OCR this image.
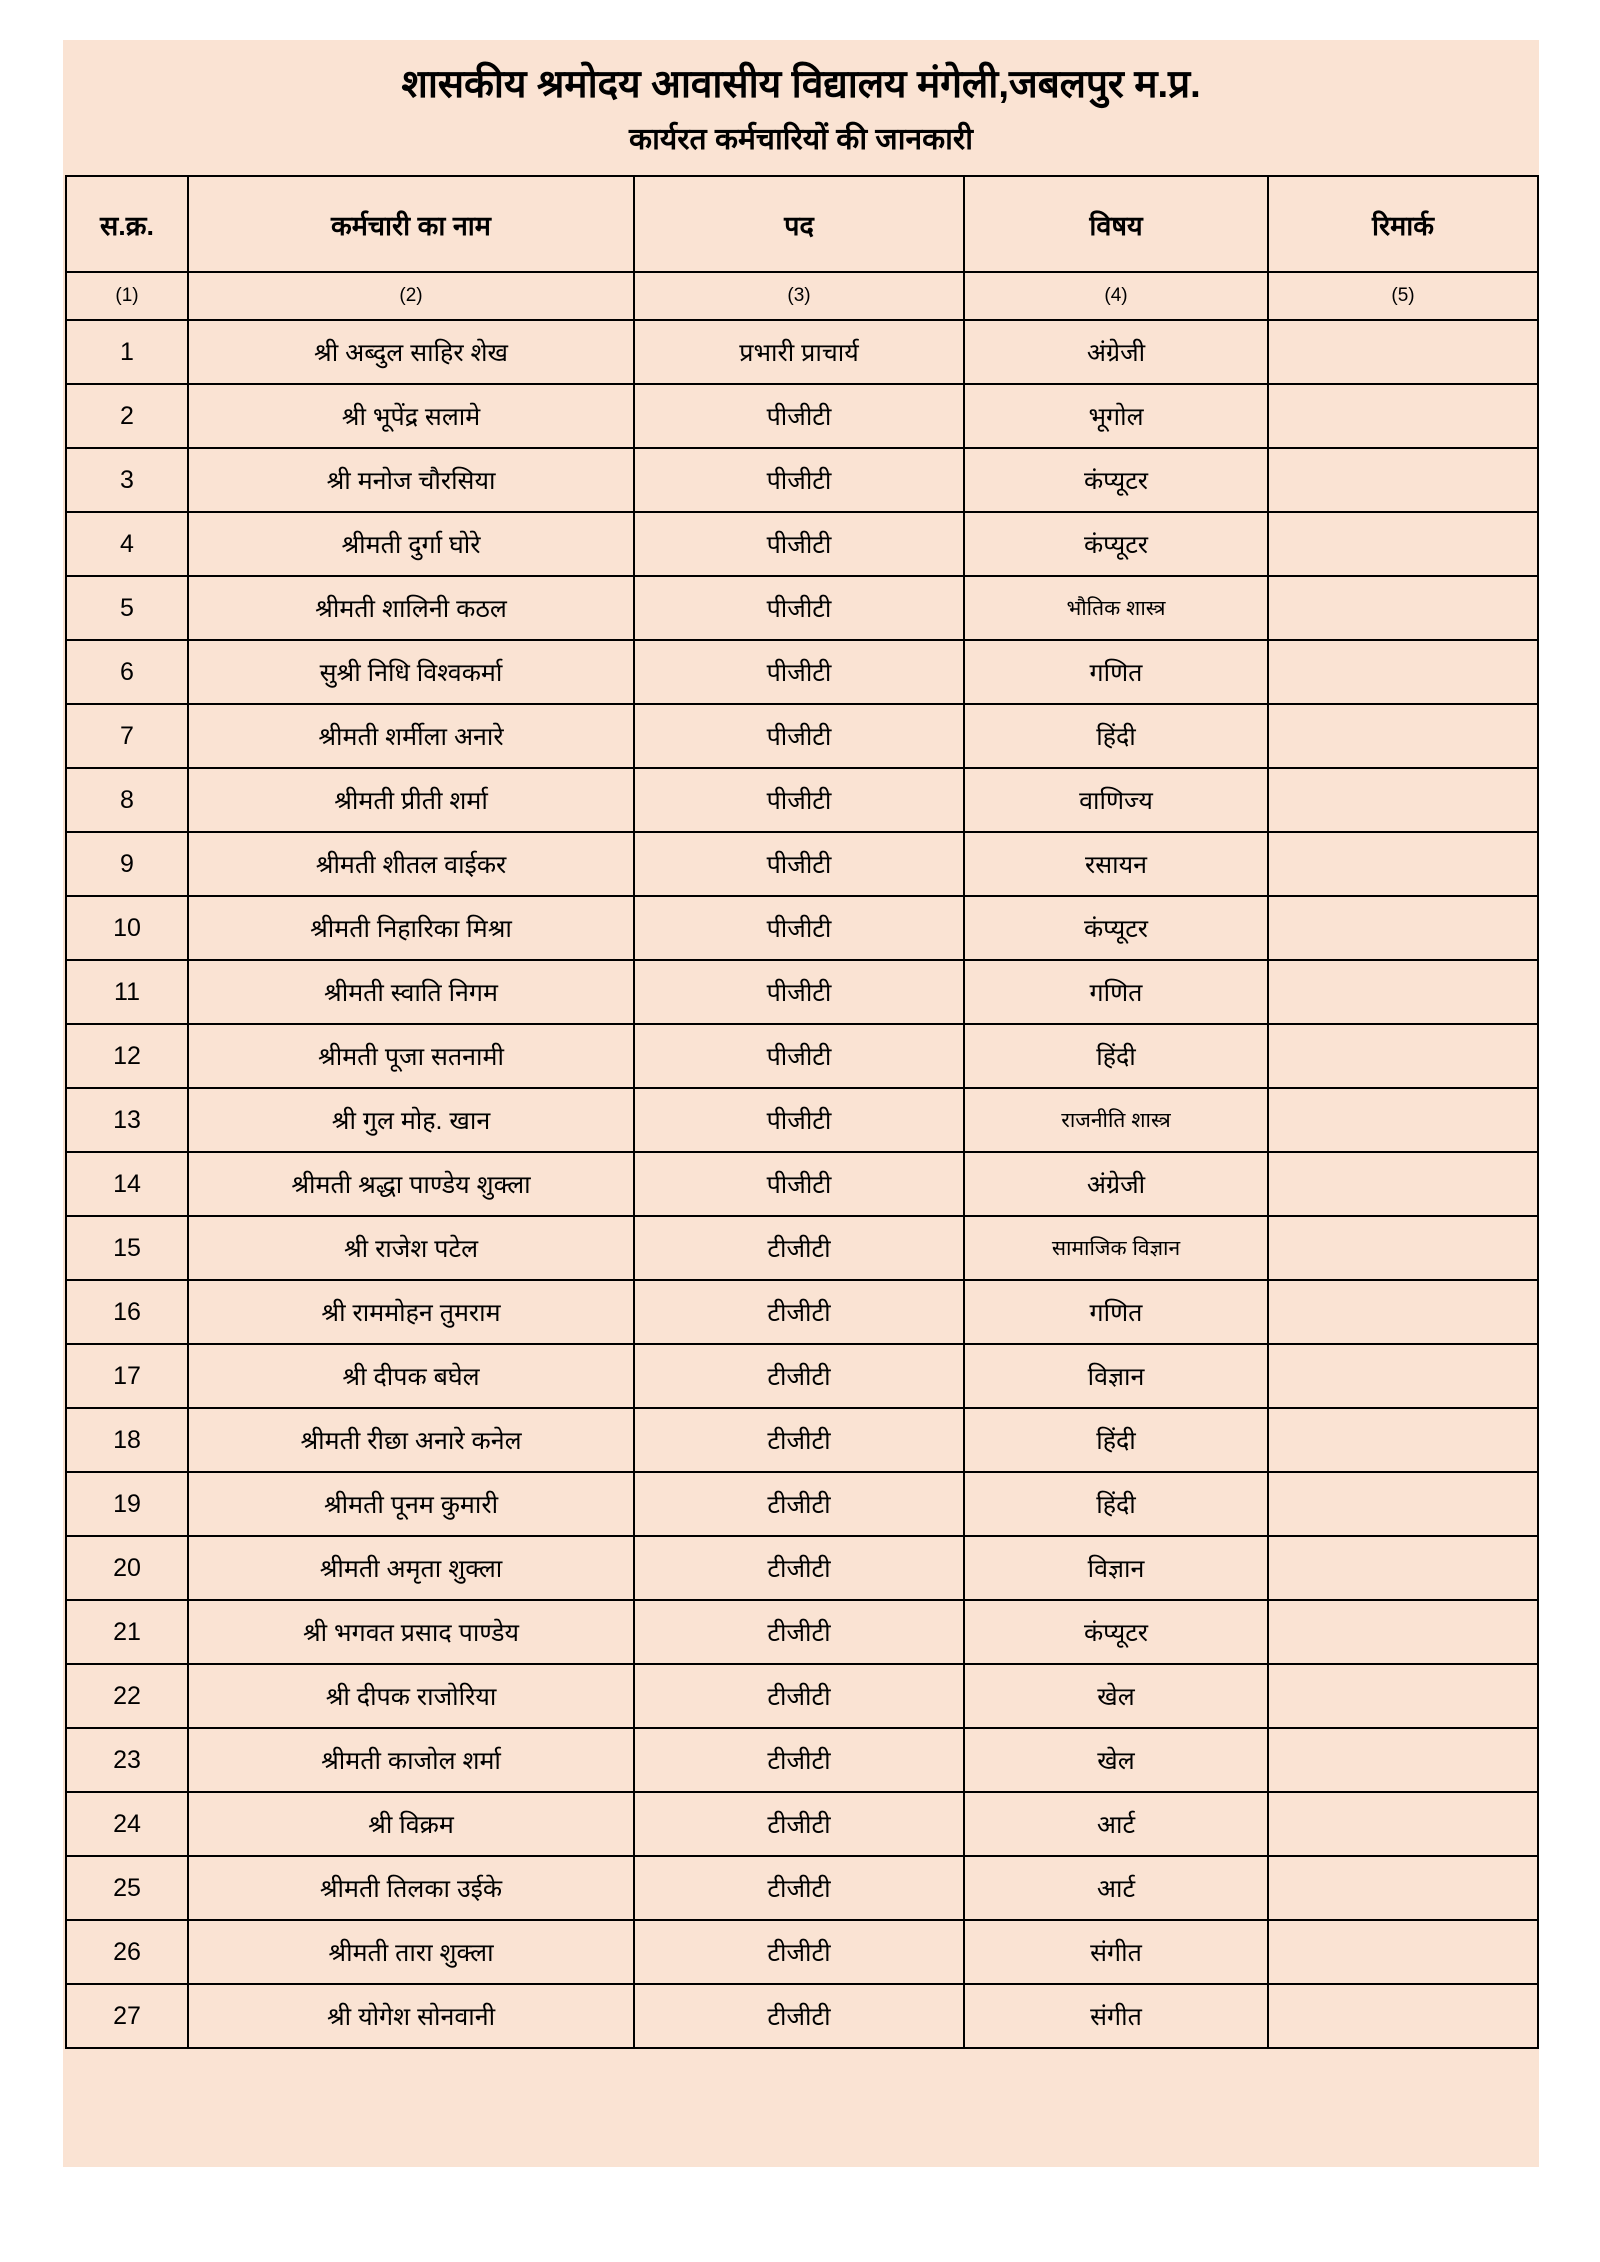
शासकीय श्रमोदय आवासीय विद्यालय मंगेली,जबलपुर म.प्र.
कार्यरत कर्मचारियों की जानकारी
स.क्र.	कर्मचारी का नाम	पद	विषय	रिमार्क
(1)	(2)	(3)	(4)	(5)
1	श्री अब्दुल साहिर शेख	प्रभारी प्राचार्य	अंग्रेजी	
2	श्री भूपेंद्र सलामे	पीजीटी	भूगोल	
3	श्री मनोज चौरसिया	पीजीटी	कंप्यूटर	
4	श्रीमती दुर्गा घोरे	पीजीटी	कंप्यूटर	
5	श्रीमती शालिनी कठल	पीजीटी	भौतिक शास्त्र	
6	सुश्री निधि विश्वकर्मा	पीजीटी	गणित	
7	श्रीमती शर्मीला अनारे	पीजीटी	हिंदी	
8	श्रीमती प्रीती शर्मा	पीजीटी	वाणिज्य	
9	श्रीमती शीतल वाईकर	पीजीटी	रसायन	
10	श्रीमती निहारिका मिश्रा	पीजीटी	कंप्यूटर	
11	श्रीमती स्वाति निगम	पीजीटी	गणित	
12	श्रीमती पूजा सतनामी	पीजीटी	हिंदी	
13	श्री गुल मोह. खान	पीजीटी	राजनीति शास्त्र	
14	श्रीमती श्रद्धा पाण्डेय शुक्ला	पीजीटी	अंग्रेजी	
15	श्री राजेश पटेल	टीजीटी	सामाजिक विज्ञान	
16	श्री राममोहन तुमराम	टीजीटी	गणित	
17	श्री दीपक बघेल	टीजीटी	विज्ञान	
18	श्रीमती रीछा अनारे कनेल	टीजीटी	हिंदी	
19	श्रीमती पूनम कुमारी	टीजीटी	हिंदी	
20	श्रीमती अमृता शुक्ला	टीजीटी	विज्ञान	
21	श्री भगवत प्रसाद पाण्डेय	टीजीटी	कंप्यूटर	
22	श्री दीपक राजोरिया	टीजीटी	खेल	
23	श्रीमती काजोल शर्मा	टीजीटी	खेल	
24	श्री विक्रम	टीजीटी	आर्ट	
25	श्रीमती तिलका उईके	टीजीटी	आर्ट	
26	श्रीमती तारा शुक्ला	टीजीटी	संगीत	
27	श्री योगेश सोनवानी	टीजीटी	संगीत	
